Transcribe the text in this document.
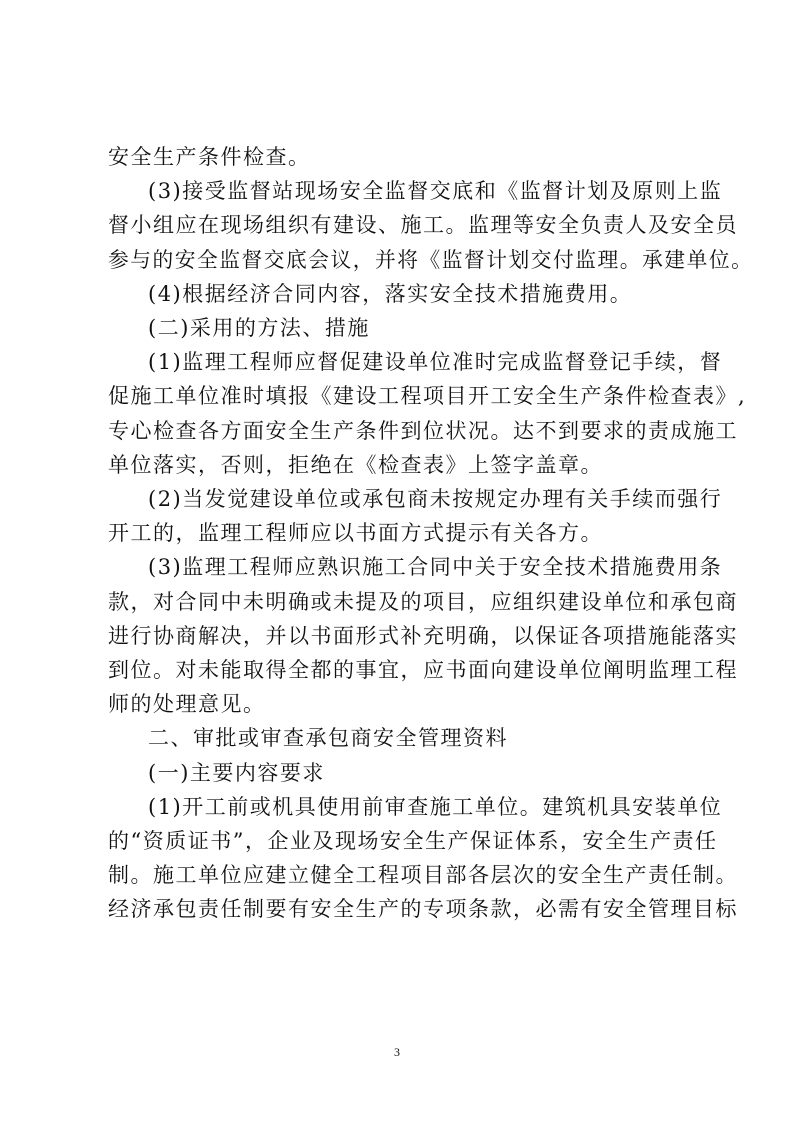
安全生产条件检查。
(3)接受监督站现场安全监督交底和《监督计划及原则上监
督小组应在现场组织有建设、施工。监理等安全负责人及安全员
参与的安全监督交底会议，并将《监督计划交付监理。承建单位。
(4)根据经济合同内容，落实安全技术措施费用。
(二)采用的方法、措施
(1)监理工程师应督促建设单位准时完成监督登记手续，督
促施工单位准时填报《建设工程项目开工安全生产条件检查表》,
专心检查各方面安全生产条件到位状况。达不到要求的责成施工
单位落实，否则，拒绝在《检查表》上签字盖章。
(2)当发觉建设单位或承包商未按规定办理有关手续而强行
开工的，监理工程师应以书面方式提示有关各方。
(3)监理工程师应熟识施工合同中关于安全技术措施费用条
款，对合同中未明确或未提及的项目，应组织建设单位和承包商
进行协商解决，并以书面形式补充明确，以保证各项措施能落实
到位。对未能取得全都的事宜，应书面向建设单位阐明监理工程
师的处理意见。
二、审批或审查承包商安全管理资料
(一)主要内容要求
(1)开工前或机具使用前审查施工单位。建筑机具安装单位
的“资质证书”，企业及现场安全生产保证体系，安全生产责任
制。施工单位应建立健全工程项目部各层次的安全生产责任制。
经济承包责任制要有安全生产的专项条款，必需有安全管理目标
3
